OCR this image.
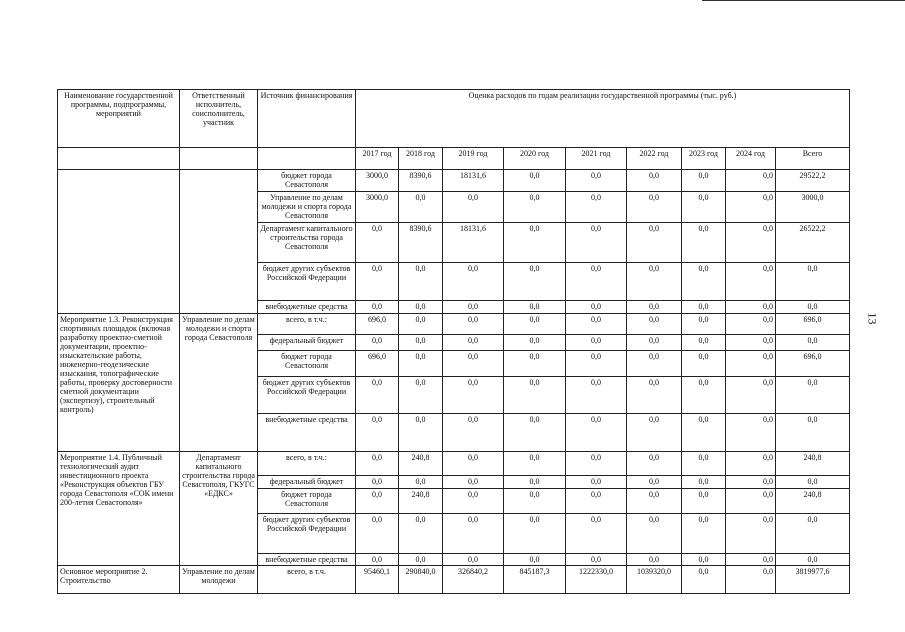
13
Наименование государственной программы, подпрограммы, мероприятий	Ответственный исполнитель, соисполнитель, участник	Источник финансирования	Оценка расходов по годам реализации государственной программы (тыс. руб.)								
			2017 год	2018 год	2019 год	2020 год	2021 год	2022 год	2023 год	2024 год	Всего
		бюджет города Севастополя	3000,0	8390,6	18131,6	0,0	0,0	0,0	0,0	0,0	29522,2
		Управление по делам молодежи и спорта города Севастополя	3000,0	0,0	0,0	0,0	0,0	0,0	0,0	0,0	3000,0
		Департамент капитального строительства города Севастополя	0,0	8390,6	18131,6	0,0	0,0	0,0	0,0	0,0	26522,2
		бюджет других субъектов Российской Федерации	0,0	0,0	0,0	0,0	0,0	0,0	0,0	0,0	0,0
		внебюджетные средства	0,0	0,0	0,0	0,0	0,0	0,0	0,0	0,0	0,0
Мероприятие 1.3. Реконструкция спортивных площадок (включая разработку проектно-сметной документации, проектно-изыскательские работы, инженерно-геодезические изыскания, топографические работы, проверку достоверности сметной документации (экспертизу), строительный контроль)	Управление по делам молодежи и спорта города Севастополя	всего, в т.ч.:	696,0	0,0	0,0	0,0	0,0	0,0	0,0	0,0	696,0
		федеральный бюджет	0,0	0,0	0,0	0,0	0,0	0,0	0,0	0,0	0,0
		бюджет города Севастополя	696,0	0,0	0,0	0,0	0,0	0,0	0,0	0,0	696,0
		бюджет других субъектов Российской Федерации	0,0	0,0	0,0	0,0	0,0	0,0	0,0	0,0	0,0
		внебюджетные средства	0,0	0,0	0,0	0,0	0,0	0,0	0,0	0,0	0,0
Мероприятие 1.4. Публичный технологический аудит инвестиционного проекта «Реконструкция объектов ГБУ города Севастополя «СОК имени 200-летия Севастополя»	Департамент капитального строительства города Севастополя, ГКУГС «ЕДКС»	всего, в т.ч.:	0,0	240,8	0,0	0,0	0,0	0,0	0,0	0,0	240,8
		федеральный бюджет	0,0	0,0	0,0	0,0	0,0	0,0	0,0	0,0	0,0
		бюджет города Севастополя	0,0	240,8	0,0	0,0	0,0	0,0	0,0	0,0	240,8
		бюджет других субъектов Российской Федерации	0,0	0,0	0,0	0,0	0,0	0,0	0,0	0,0	0,0
		внебюджетные средства	0,0	0,0	0,0	0,0	0,0	0,0	0,0	0,0	0,0
Основное мероприятие 2. Строительство	Управление по делам молодежи	всего, в т.ч.	95460,1	290840,0	326840,2	845187,3	1222330,0	1039320,0	0,0	0,0	3819977,6
